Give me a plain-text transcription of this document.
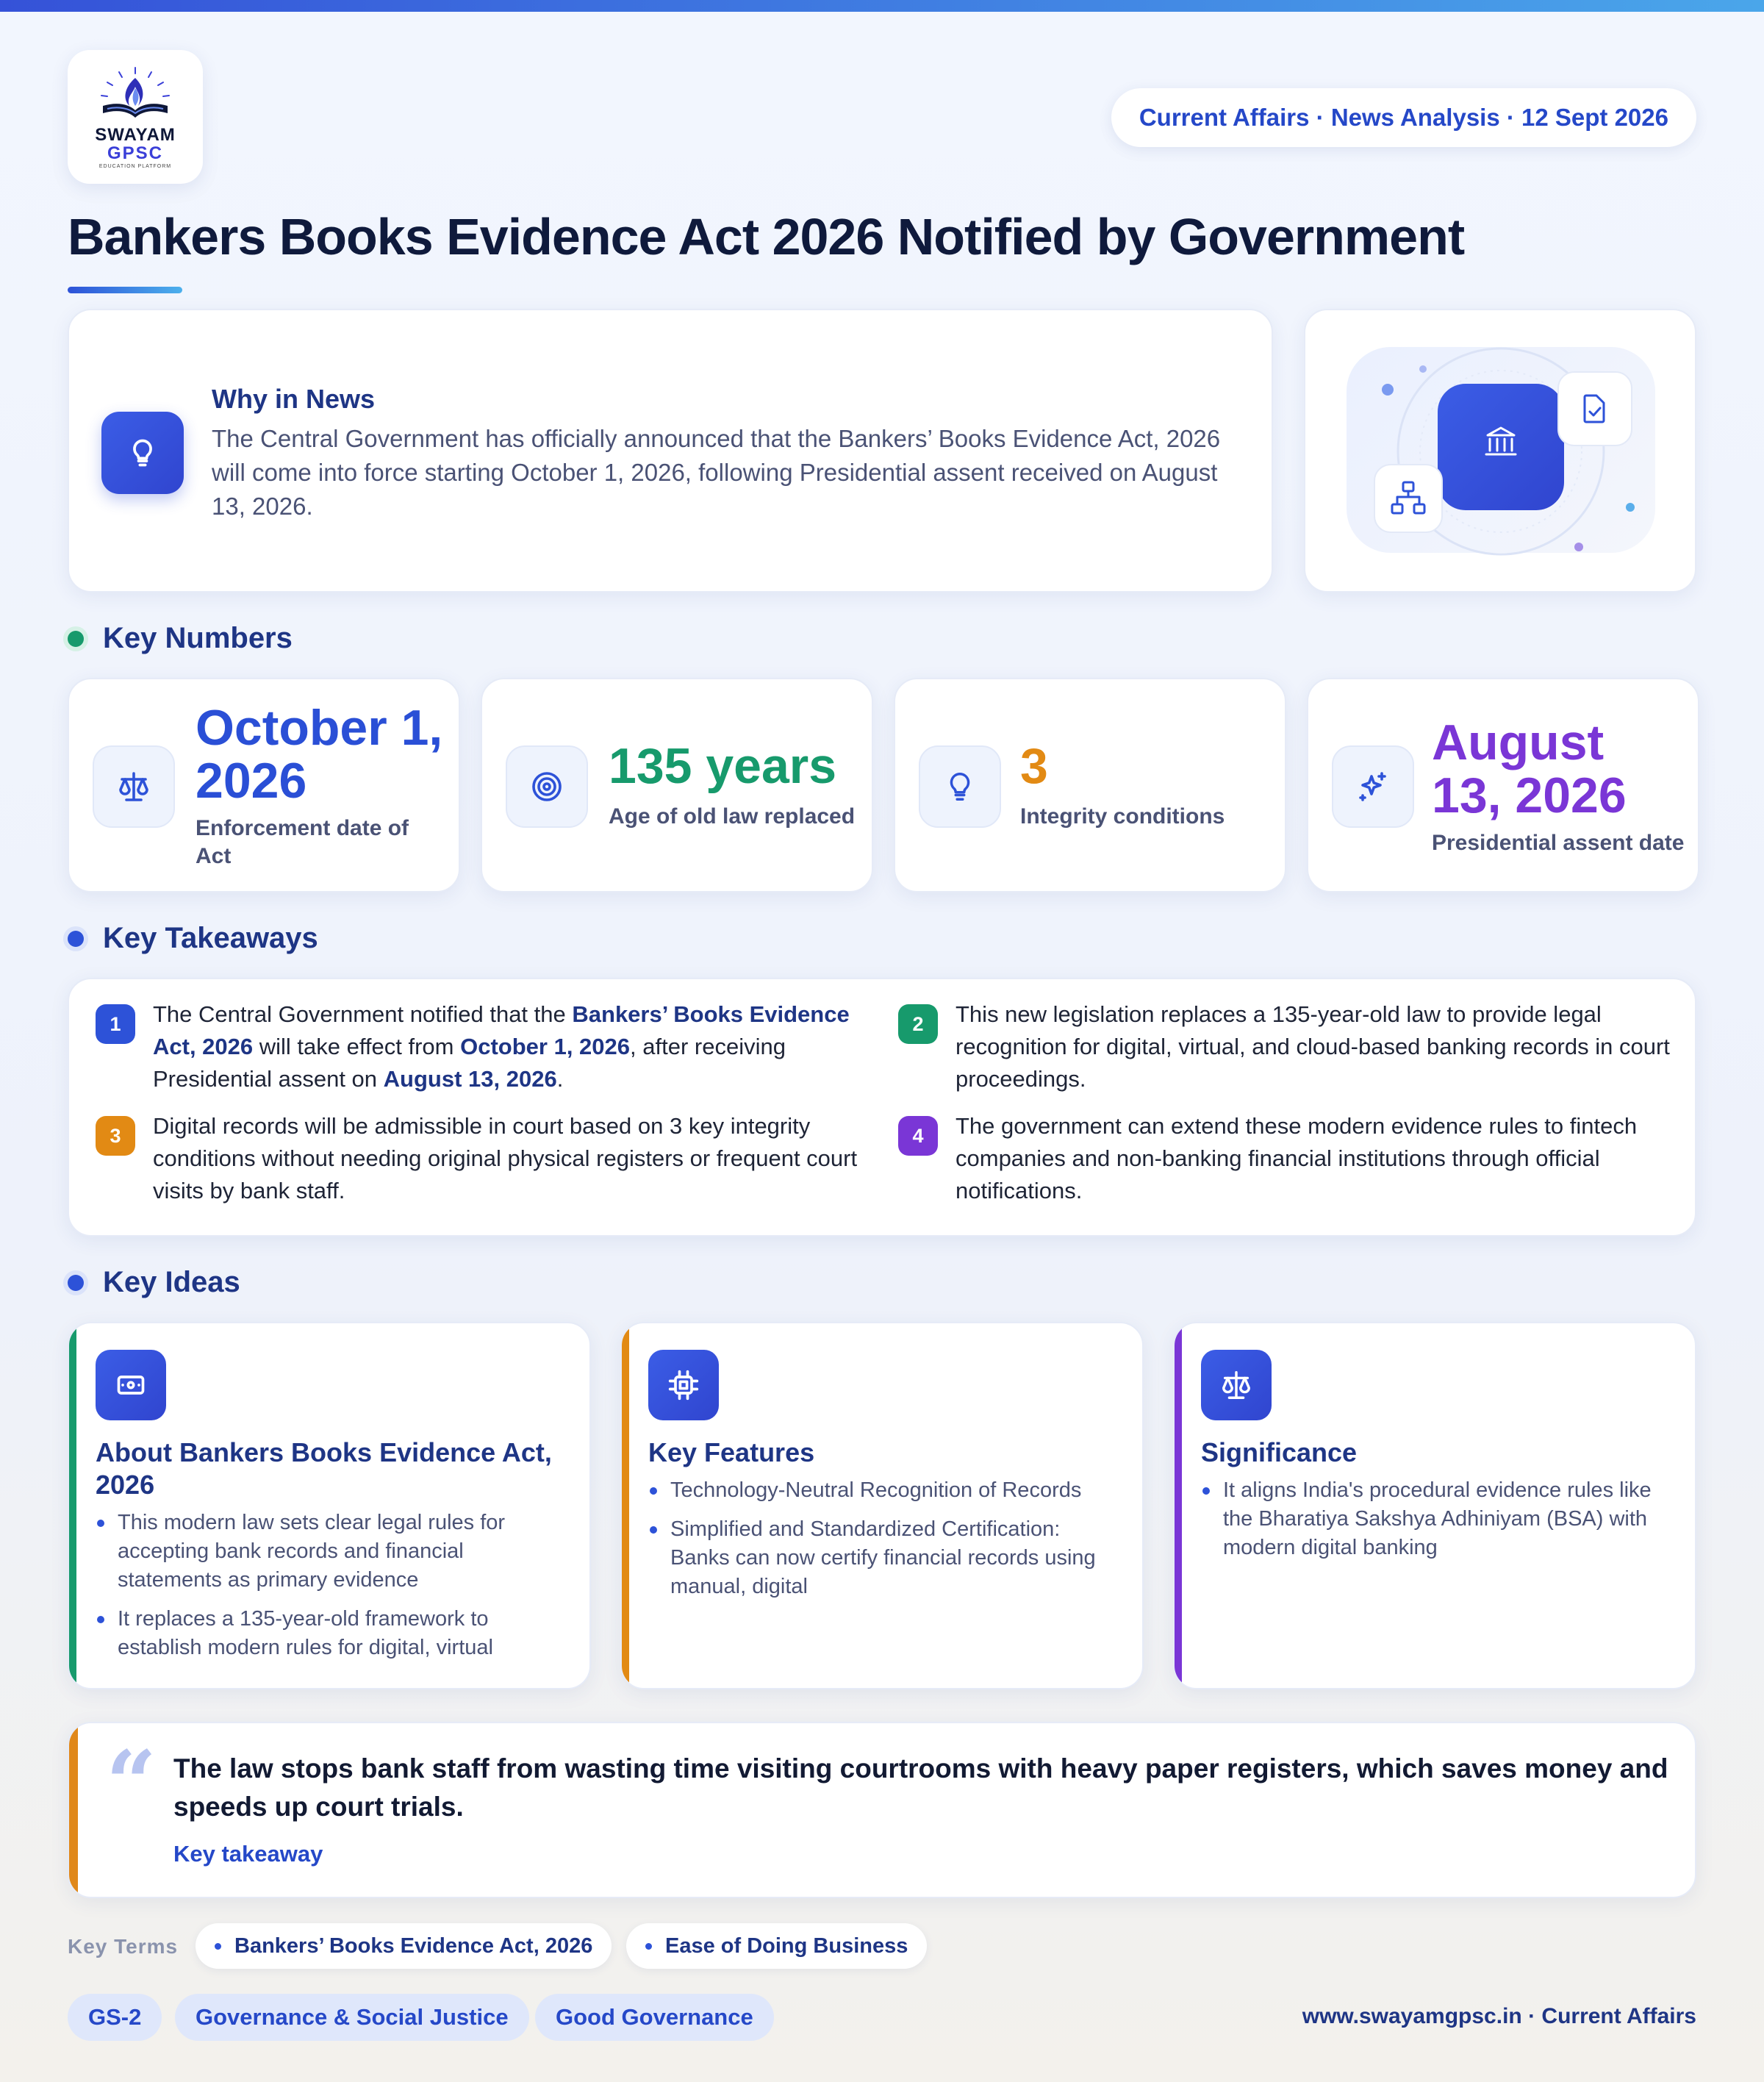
SWAYAM
GPSC
EDUCATION PLATFORM
Current Affairs · News Analysis · 12 Sept 2026
Bankers Books Evidence Act 2026 Notified by Government
Why in News

The Central Government has officially announced that the Bankers’ Books Evidence Act, 2026 will come into force starting October 1, 2026, following Presidential assent received on August 13, 2026.

Key Numbers
October 1, 2026
Enforcement date of Act
135 years
Age of old law replaced
3
Integrity conditions
August 13, 2026
Presidential assent date
Key Takeaways
1	The Central Government notified that the Bankers’ Books Evidence Act, 2026 will take effect from October 1, 2026, after receiving Presidential assent on August 13, 2026.
2	This new legislation replaces a 135-year-old law to provide legal recognition for digital, virtual, and cloud-based banking records in court proceedings.
3	Digital records will be admissible in court based on 3 key integrity conditions without needing original physical registers or frequent court visits by bank staff.
4	The government can extend these modern evidence rules to fintech companies and non-banking financial institutions through official notifications.
Key Ideas
About Bankers Books Evidence Act, 2026
This modern law sets clear legal rules for accepting bank records and financial statements as primary evidence
It replaces a 135-year-old framework to establish modern rules for digital, virtual
Key Features
Technology-Neutral Recognition of Records
Simplified and Standardized Certification: Banks can now certify financial records using manual, digital
Significance
It aligns India's procedural evidence rules like the Bharatiya Sakshya Adhiniyam (BSA) with modern digital banking
“ The law stops bank staff from wasting time visiting courtrooms with heavy paper registers, which saves money and speeds up court trials.
Key takeaway
Key Terms	Bankers’ Books Evidence Act, 2026	Ease of Doing Business
GS-2	Governance & Social Justice	Good Governance	www.swayamgpsc.in · Current Affairs
